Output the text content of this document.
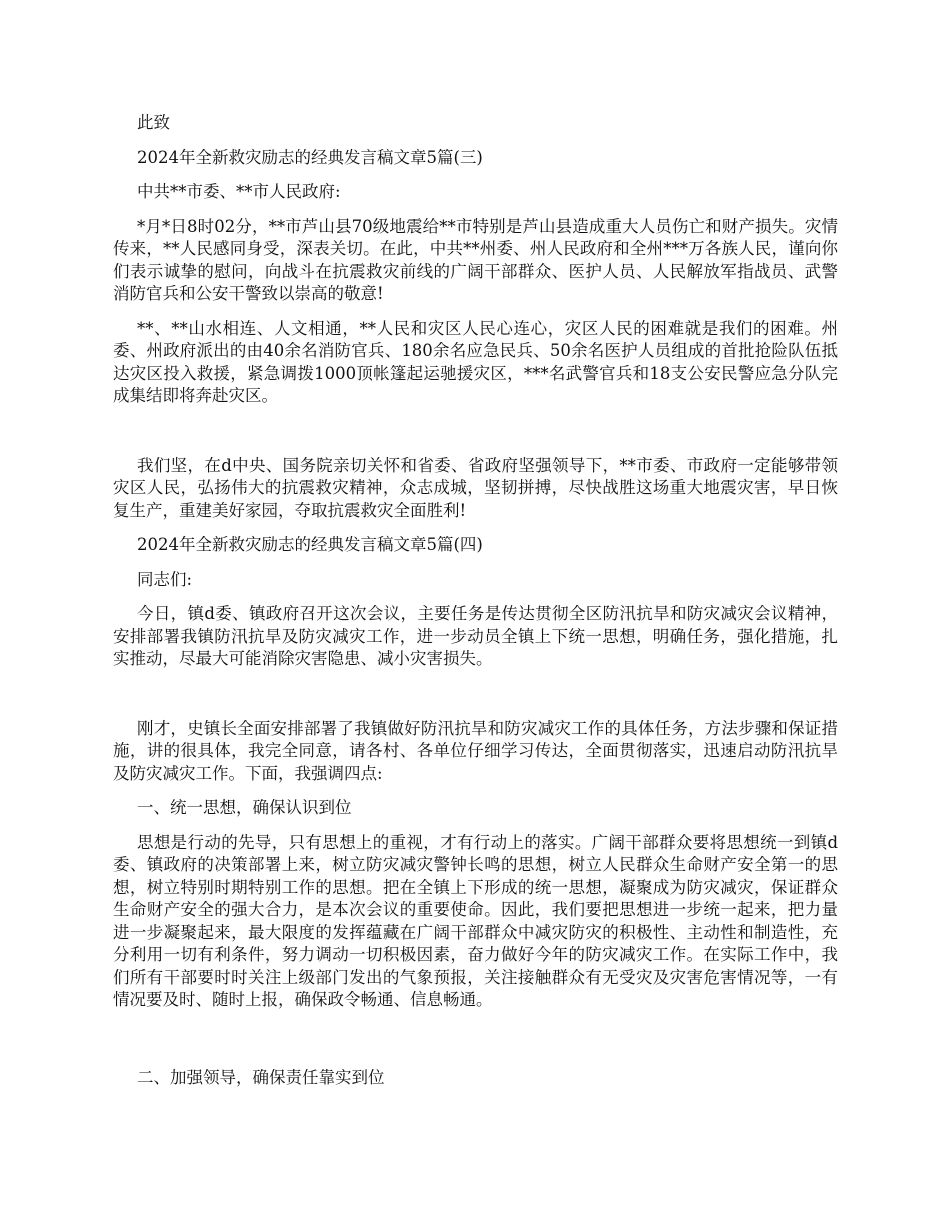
此致

2024年全新救灾励志的经典发言稿文章5篇(三)

中共**市委、**市人民政府:

*月*日8时02分，**市芦山县70级地震给**市特别是芦山县造成重大人员伤亡和财产损失。灾情传来，**人民感同身受，深表关切。在此，中共**州委、州人民政府和全州***万各族人民，谨向你们表示诚挚的慰问，向战斗在抗震救灾前线的广阔干部群众、医护人员、人民解放军指战员、武警消防官兵和公安干警致以崇高的敬意!

**、**山水相连、人文相通，**人民和灾区人民心连心，灾区人民的困难就是我们的困难。州委、州政府派出的由40余名消防官兵、180余名应急民兵、50余名医护人员组成的首批抢险队伍抵达灾区投入救援，紧急调拨1000顶帐篷起运驰援灾区，***名武警官兵和18支公安民警应急分队完成集结即将奔赴灾区。

我们坚，在d中央、国务院亲切关怀和省委、省政府坚强领导下，**市委、市政府一定能够带领灾区人民，弘扬伟大的抗震救灾精神，众志成城，坚韧拼搏，尽快战胜这场重大地震灾害，早日恢复生产，重建美好家园，夺取抗震救灾全面胜利!

2024年全新救灾励志的经典发言稿文章5篇(四)

同志们:

今日，镇d委、镇政府召开这次会议，主要任务是传达贯彻全区防汛抗旱和防灾减灾会议精神，安排部署我镇防汛抗旱及防灾减灾工作，进一步动员全镇上下统一思想，明确任务，强化措施，扎实推动，尽最大可能消除灾害隐患、减小灾害损失。

刚才，史镇长全面安排部署了我镇做好防汛抗旱和防灾减灾工作的具体任务，方法步骤和保证措施，讲的很具体，我完全同意，请各村、各单位仔细学习传达，全面贯彻落实，迅速启动防汛抗旱及防灾减灾工作。下面，我强调四点:

一、统一思想，确保认识到位

思想是行动的先导，只有思想上的重视，才有行动上的落实。广阔干部群众要将思想统一到镇d委、镇政府的决策部署上来，树立防灾减灾警钟长鸣的思想，树立人民群众生命财产安全第一的思想，树立特别时期特别工作的思想。把在全镇上下形成的统一思想，凝聚成为防灾减灾，保证群众生命财产安全的强大合力，是本次会议的重要使命。因此，我们要把思想进一步统一起来，把力量进一步凝聚起来，最大限度的发挥蕴藏在广阔干部群众中减灾防灾的积极性、主动性和制造性，充分利用一切有利条件，努力调动一切积极因素，奋力做好今年的防灾减灾工作。在实际工作中，我们所有干部要时时关注上级部门发出的气象预报，关注接触群众有无受灾及灾害危害情况等，一有情况要及时、随时上报，确保政令畅通、信息畅通。

二、加强领导，确保责任靠实到位
